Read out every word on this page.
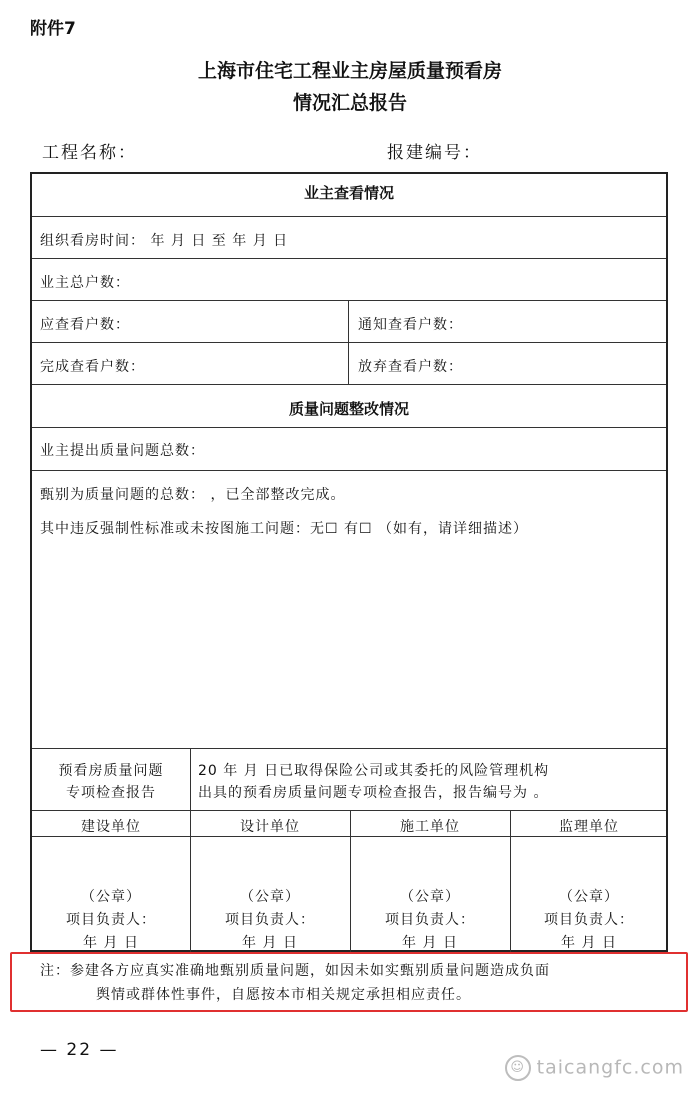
附件7
上海市住宅工程业主房屋质量预看房
情况汇总报告
工程名称：	报建编号：
业主查看情况
组织看房时间： 年 月 日 至 年 月 日
业主总户数：
应查看户数：	通知查看户数：
完成查看户数：	放弃查看户数：
质量问题整改情况
业主提出质量问题总数：
甄别为质量问题的总数： ，已全部整改完成。
其中违反强制性标准或未按图施工问题：无☐ 有☐ （如有，请详细描述）
预看房质量问题
专项检查报告
20 年 月 日已取得保险公司或其委托的风险管理机构
出具的预看房质量问题专项检查报告，报告编号为 。
建设单位	设计单位	施工单位	监理单位
（公章）	（公章）	（公章）	（公章）
项目负责人：	项目负责人：	项目负责人：	项目负责人：
年 月 日	年 月 日	年 月 日	年 月 日
注：参建各方应真实准确地甄别质量问题，如因未如实甄别质量问题造成负面
舆情或群体性事件，自愿按本市相关规定承担相应责任。
— 22 —
☺ taicangfc.com
